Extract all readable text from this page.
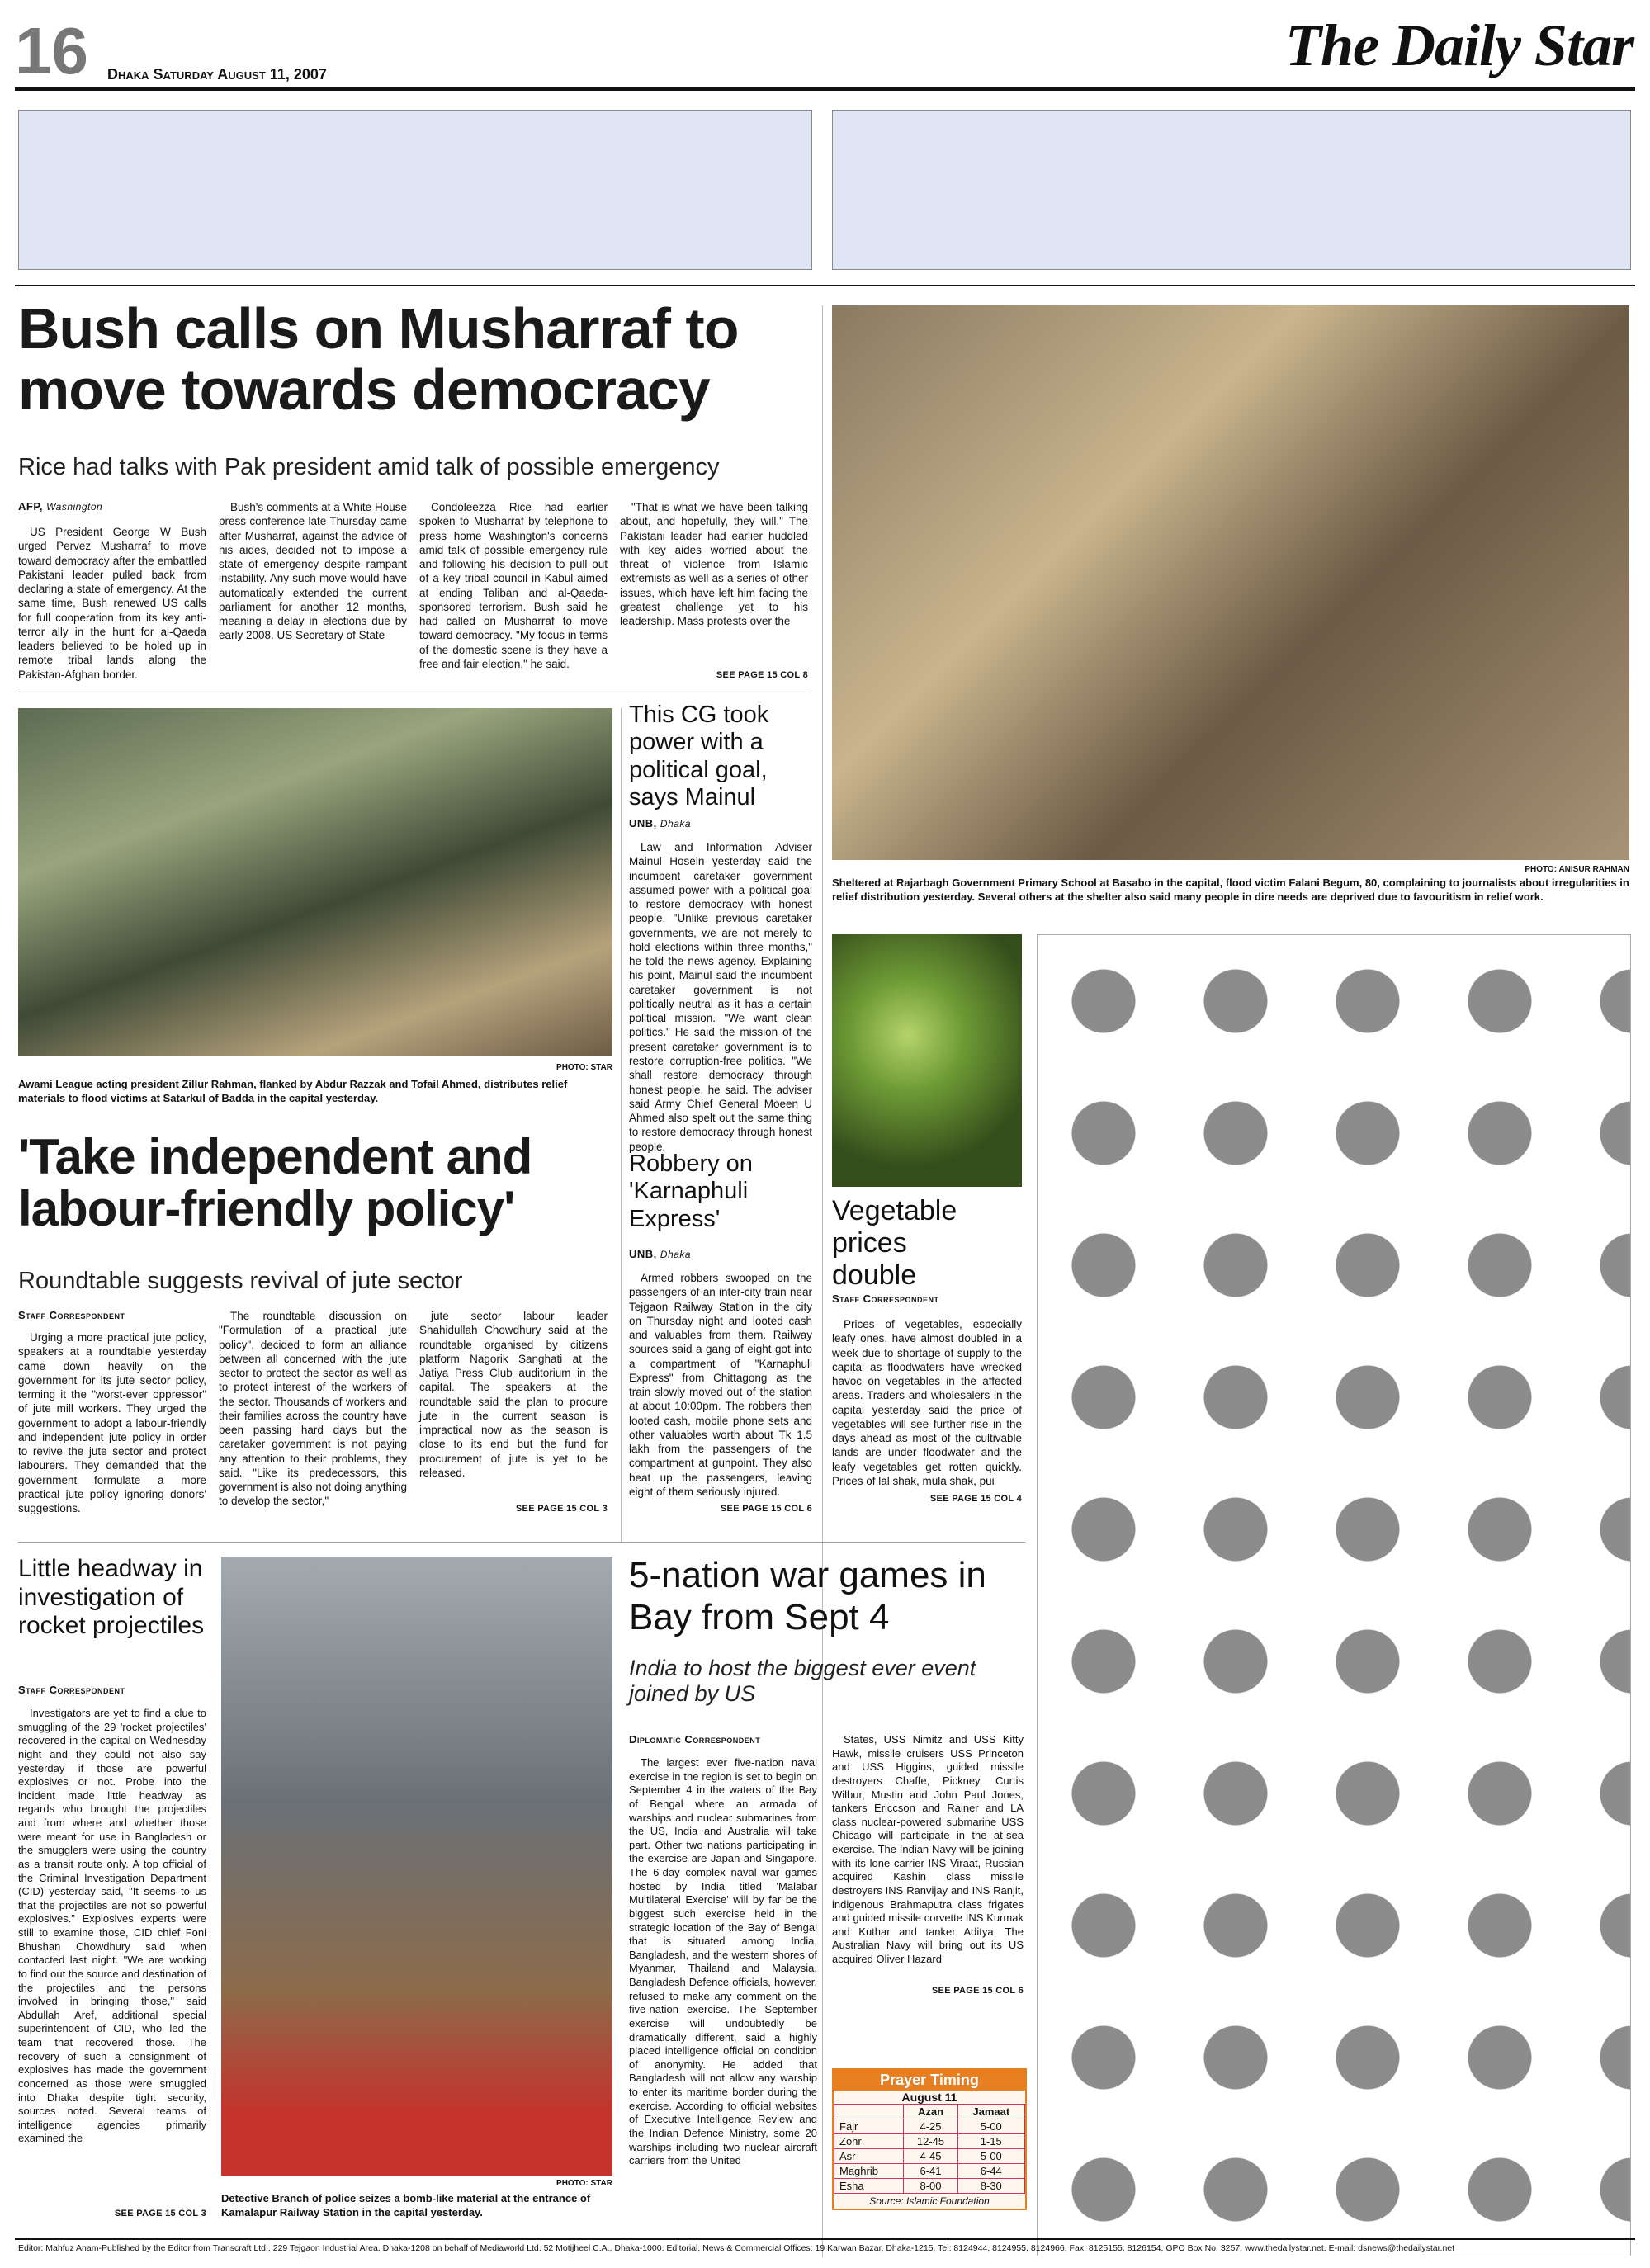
16 Dhaka Saturday August 11, 2007	The Daily Star
Bush calls on Musharraf to move towards democracy
Rice had talks with Pak president amid talk of possible emergency
AFP, Washington

US President George W Bush urged Pervez Musharraf to move toward democracy after the embattled Pakistani leader pulled back from declaring a state of emergency. At the same time, Bush renewed US calls for full cooperation from its key anti-terror ally in the hunt for al-Qaeda leaders believed to be holed up in remote tribal lands along the Pakistan-Afghan border.

Bush's comments at a White House press conference late Thursday came after Musharraf, against the advice of his aides, decided not to impose a state of emergency despite rampant instability. Any such move would have automatically extended the current parliament for another 12 months, meaning a delay in elections due by early 2008. US Secretary of State

Condoleezza Rice had earlier spoken to Musharraf by telephone to press home Washington's concerns amid talk of possible emergency rule and following his decision to pull out of a key tribal council in Kabul aimed at ending Taliban and al-Qaeda-sponsored terrorism. Bush said he had called on Musharraf to move toward democracy. "My focus in terms of the domestic scene is they have a free and fair election," he said.

"That is what we have been talking about, and hopefully, they will." The Pakistani leader had earlier huddled with key aides worried about the threat of violence from Islamic extremists as well as a series of other issues, which have left him facing the greatest challenge yet to his leadership. Mass protests over the

SEE PAGE 15 COL 8
PHOTO: ANISUR RAHMAN
Sheltered at Rajarbagh Government Primary School at Basabo in the capital, flood victim Falani Begum, 80, complaining to journalists about irregularities in relief distribution yesterday. Several others at the shelter also said many people in dire needs are deprived due to favouritism in relief work.
PHOTO: STAR
Awami League acting president Zillur Rahman, flanked by Abdur Razzak and Tofail Ahmed, distributes relief materials to flood victims at Satarkul of Badda in the capital yesterday.
This CG took power with a political goal, says Mainul
UNB, Dhaka

Law and Information Adviser Mainul Hosein yesterday said the incumbent caretaker government assumed power with a political goal to restore democracy with honest people. "Unlike previous caretaker governments, we are not merely to hold elections within three months," he told the news agency. Explaining his point, Mainul said the incumbent caretaker government is not politically neutral as it has a certain political mission. "We want clean politics." He said the mission of the present caretaker government is to restore corruption-free politics. "We shall restore democracy through honest people, he said. The adviser said Army Chief General Moeen U Ahmed also spelt out the same thing to restore democracy through honest people.

'Take independent and labour-friendly policy'
Roundtable suggests revival of jute sector
Staff Correspondent

Urging a more practical jute policy, speakers at a roundtable yesterday came down heavily on the government for its jute sector policy, terming it the "worst-ever oppressor" of jute mill workers. They urged the government to adopt a labour-friendly and independent jute policy in order to revive the jute sector and protect labourers. They demanded that the government formulate a more practical jute policy ignoring donors' suggestions.

The roundtable discussion on "Formulation of a practical jute policy", decided to form an alliance between all concerned with the jute sector to protect the sector as well as to protect interest of the workers of the sector. Thousands of workers and their families across the country have been passing hard days but the caretaker government is not paying any attention to their problems, they said. "Like its predecessors, this government is also not doing anything to develop the sector,"

jute sector labour leader Shahidullah Chowdhury said at the roundtable organised by citizens platform Nagorik Sanghati at the Jatiya Press Club auditorium in the capital. The speakers at the roundtable said the plan to procure jute in the current season is impractical now as the season is close to its end but the fund for procurement of jute is yet to be released.

SEE PAGE 15 COL 3
Robbery on 'Karnaphuli Express'
UNB, Dhaka

Armed robbers swooped on the passengers of an inter-city train near Tejgaon Railway Station in the city on Thursday night and looted cash and valuables from them. Railway sources said a gang of eight got into a compartment of "Karnaphuli Express" from Chittagong as the train slowly moved out of the station at about 10:00pm. The robbers then looted cash, mobile phone sets and other valuables worth about Tk 1.5 lakh from the passengers of the compartment at gunpoint. They also beat up the passengers, leaving eight of them seriously injured.

SEE PAGE 15 COL 6
Vegetable prices double
Staff Correspondent

Prices of vegetables, especially leafy ones, have almost doubled in a week due to shortage of supply to the capital as floodwaters have wrecked havoc on vegetables in the affected areas. Traders and wholesalers in the capital yesterday said the price of vegetables will see further rise in the days ahead as most of the cultivable lands are under floodwater and the leafy vegetables get rotten quickly. Prices of lal shak, mula shak, pui

SEE PAGE 15 COL 4
Little headway in investigation of rocket projectiles
Staff Correspondent

Investigators are yet to find a clue to smuggling of the 29 'rocket projectiles' recovered in the capital on Wednesday night and they could not also say yesterday if those are powerful explosives or not. Probe into the incident made little headway as regards who brought the projectiles and from where and whether those were meant for use in Bangladesh or the smugglers were using the country as a transit route only. A top official of the Criminal Investigation Department (CID) yesterday said, "It seems to us that the projectiles are not so powerful explosives." Explosives experts were still to examine those, CID chief Foni Bhushan Chowdhury said when contacted last night. "We are working to find out the source and destination of the projectiles and the persons involved in bringing those," said Abdullah Aref, additional special superintendent of CID, who led the team that recovered those. The recovery of such a consignment of explosives has made the government concerned as those were smuggled into Dhaka despite tight security, sources noted. Several teams of intelligence agencies primarily examined the

SEE PAGE 15 COL 3
PHOTO: STAR
Detective Branch of police seizes a bomb-like material at the entrance of Kamalapur Railway Station in the capital yesterday.
5-nation war games in Bay from Sept 4
India to host the biggest ever event joined by US
Diplomatic Correspondent

The largest ever five-nation naval exercise in the region is set to begin on September 4 in the waters of the Bay of Bengal where an armada of warships and nuclear submarines from the US, India and Australia will take part. Other two nations participating in the exercise are Japan and Singapore. The 6-day complex naval war games hosted by India titled 'Malabar Multilateral Exercise' will by far be the biggest such exercise held in the strategic location of the Bay of Bengal that is situated among India, Bangladesh, and the western shores of Myanmar, Thailand and Malaysia. Bangladesh Defence officials, however, refused to make any comment on the five-nation exercise. The September exercise will undoubtedly be dramatically different, said a highly placed intelligence official on condition of anonymity. He added that Bangladesh will not allow any warship to enter its maritime border during the exercise. According to official websites of Executive Intelligence Review and the Indian Defence Ministry, some 20 warships including two nuclear aircraft carriers from the United

States, USS Nimitz and USS Kitty Hawk, missile cruisers USS Princeton and USS Higgins, guided missile destroyers Chaffe, Pickney, Curtis Wilbur, Mustin and John Paul Jones, tankers Ericcson and Rainer and LA class nuclear-powered submarine USS Chicago will participate in the at-sea exercise. The Indian Navy will be joining with its lone carrier INS Viraat, Russian acquired Kashin class missile destroyers INS Ranvijay and INS Ranjit, indigenous Brahmaputra class frigates and guided missile corvette INS Kurmak and Kuthar and tanker Aditya. The Australian Navy will bring out its US acquired Oliver Hazard

SEE PAGE 15 COL 6
Prayer Timing
August 11
	Azan	Jamaat
Fajr	4-25	5-00
Zohr	12-45	1-15
Asr	4-45	5-00
Maghrib	6-41	6-44
Esha	8-00	8-30
Source: Islamic Foundation
Editor: Mahfuz Anam-Published by the Editor from Transcraft Ltd., 229 Tejgaon Industrial Area, Dhaka-1208 on behalf of Mediaworld Ltd. 52 Motijheel C.A., Dhaka-1000. Editorial, News & Commercial Offices: 19 Karwan Bazar, Dhaka-1215, Tel: 8124944, 8124955, 8124966, Fax: 8125155, 8126154, GPO Box No: 3257, www.thedailystar.net, E-mail: dsnews@thedailystar.net
